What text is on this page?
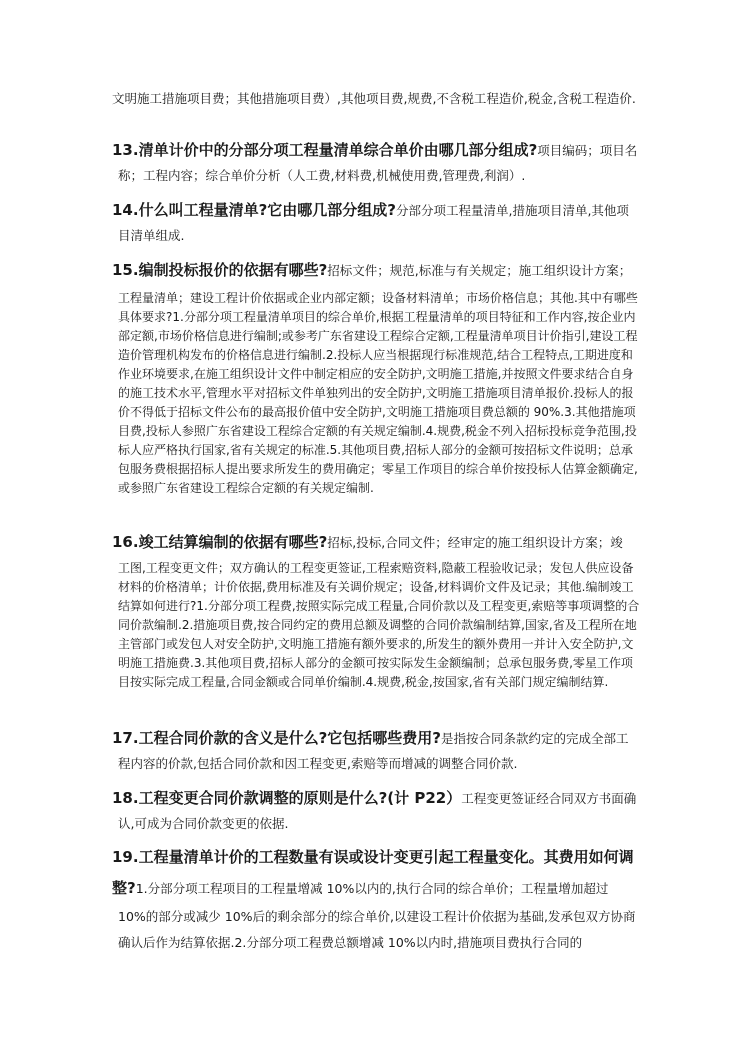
文明施工措施项目费；其他措施项目费）,其他项目费,规费,不含税工程造价,税金,含税工程造价.

13.清单计价中的分部分项工程量清单综合单价由哪几部分组成?项目编码；项目名

称；工程内容；综合单价分析（人工费,材料费,机械使用费,管理费,利润）.

14.什么叫工程量清单?它由哪几部分组成?分部分项工程量清单,措施项目清单,其他项

目清单组成.

15.编制投标报价的依据有哪些?招标文件；规范,标准与有关规定；施工组织设计方案；

工程量清单；建设工程计价依据或企业内部定额；设备材料清单；市场价格信息；其他.其中有哪些具体要求?1.分部分项工程量清单项目的综合单价,根据工程量清单的项目特征和工作内容,按企业内部定额,市场价格信息进行编制;或参考广东省建设工程综合定额,工程量清单项目计价指引,建设工程造价管理机构发布的价格信息进行编制.2.投标人应当根据现行标准规范,结合工程特点,工期进度和作业环境要求,在施工组织设计文件中制定相应的安全防护,文明施工措施,并按照文件要求结合自身的施工技术水平,管理水平对招标文件单独列出的安全防护,文明施工措施项目清单报价.投标人的报价不得低于招标文件公布的最高报价值中安全防护,文明施工措施项目费总额的 90%.3.其他措施项目费,投标人参照广东省建设工程综合定额的有关规定编制.4.规费,税金不列入招标投标竞争范围,投标人应严格执行国家,省有关规定的标准.5.其他项目费,招标人部分的金额可按招标文件说明；总承包服务费根据招标人提出要求所发生的费用确定；零星工作项目的综合单价按投标人估算金额确定,或参照广东省建设工程综合定额的有关规定编制.

16.竣工结算编制的依据有哪些?招标,投标,合同文件；经审定的施工组织设计方案；竣

工图,工程变更文件；双方确认的工程变更签证,工程索赔资料,隐蔽工程验收记录；发包人供应设备材料的价格清单；计价依据,费用标准及有关调价规定；设备,材料调价文件及记录；其他.编制竣工结算如何进行?1.分部分项工程费,按照实际完成工程量,合同价款以及工程变更,索赔等事项调整的合同价款编制.2.措施项目费,按合同约定的费用总额及调整的合同价款编制结算,国家,省及工程所在地主管部门或发包人对安全防护,文明施工措施有额外要求的,所发生的额外费用一并计入安全防护,文明施工措施费.3.其他项目费,招标人部分的金额可按实际发生金额编制；总承包服务费,零星工作项目按实际完成工程量,合同金额或合同单价编制.4.规费,税金,按国家,省有关部门规定编制结算.

17.工程合同价款的含义是什么?它包括哪些费用?是指按合同条款约定的完成全部工

程内容的价款,包括合同价款和因工程变更,索赔等而增减的调整合同价款.

18.工程变更合同价款调整的原则是什么?(计 P22）工程变更签证经合同双方书面确

认,可成为合同价款变更的依据.

19.工程量清单计价的工程数量有误或设计变更引起工程量变化。其费用如何调

整?1.分部分项工程项目的工程量增减 10%以内的,执行合同的综合单价；工程量增加超过

10%的部分或减少 10%后的剩余部分的综合单价,以建设工程计价依据为基础,发承包双方协商确认后作为结算依据.2.分部分项工程费总额增减 10%以内时,措施项目费执行合同的
